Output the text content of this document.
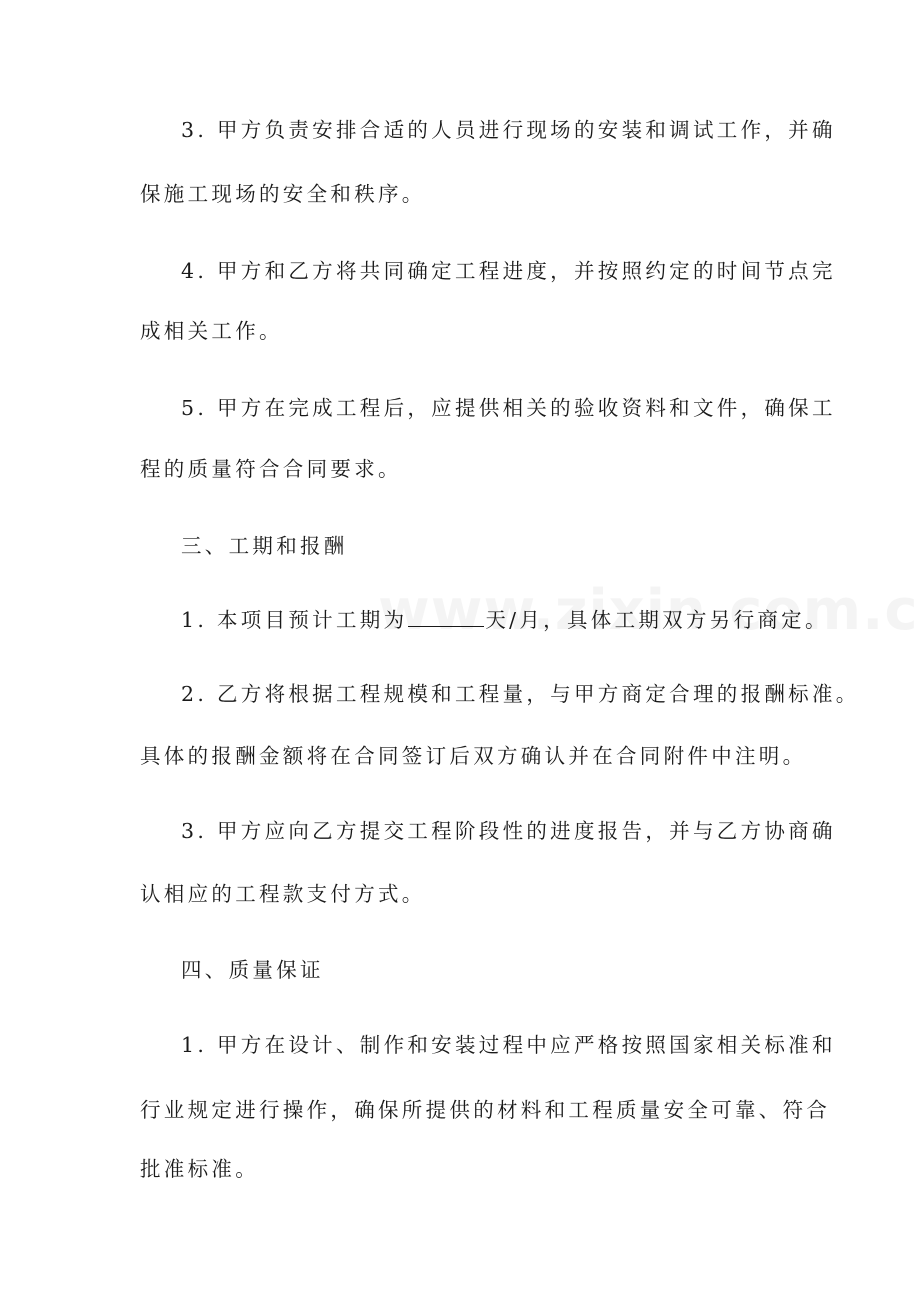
3. 甲方负责安排合适的人员进行现场的安装和调试工作，并确
保施工现场的安全和秩序。
4. 甲方和乙方将共同确定工程进度，并按照约定的时间节点完
成相关工作。
5. 甲方在完成工程后，应提供相关的验收资料和文件，确保工
程的质量符合合同要求。
三、工期和报酬
1. 本项目预计工期为	天/月，具体工期双方另行商定。
2. 乙方将根据工程规模和工程量，与甲方商定合理的报酬标准。
具体的报酬金额将在合同签订后双方确认并在合同附件中注明。
3. 甲方应向乙方提交工程阶段性的进度报告，并与乙方协商确
认相应的工程款支付方式。
四、质量保证
1. 甲方在设计、制作和安装过程中应严格按照国家相关标准和
行业规定进行操作，确保所提供的材料和工程质量安全可靠、符合
批准标准。
